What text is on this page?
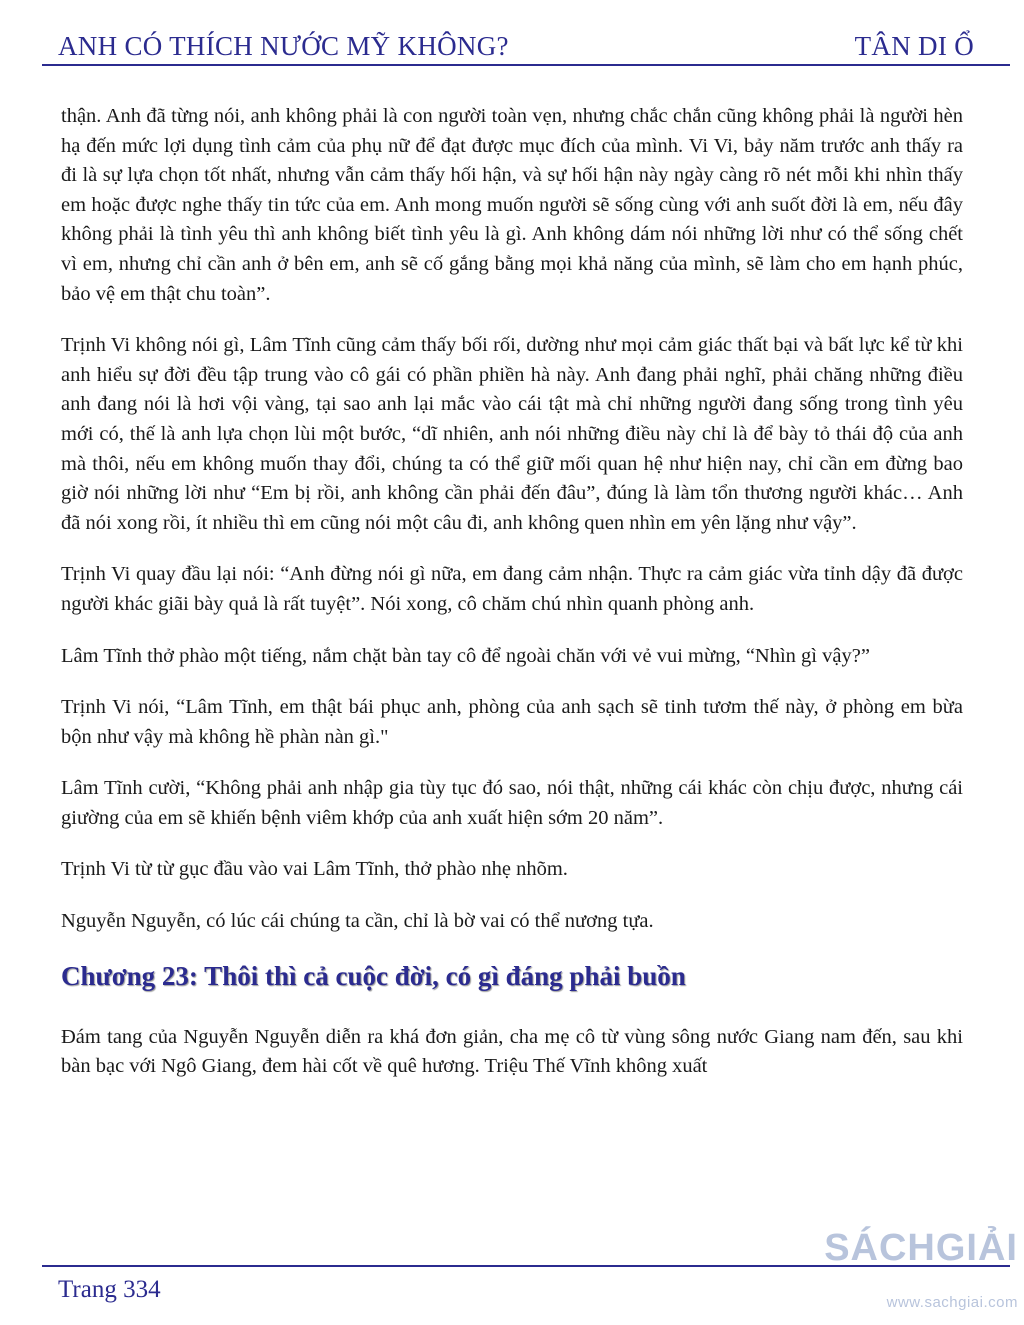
ANH CÓ THÍCH NƯỚC MỸ KHÔNG?	TÂN DI Ổ

thận. Anh đã từng nói, anh không phải là con người toàn vẹn, nhưng chắc chắn cũng không phải là người hèn hạ đến mức lợi dụng tình cảm của phụ nữ để đạt được mục đích của mình. Vi Vi, bảy năm trước anh thấy ra đi là sự lựa chọn tốt nhất, nhưng vẫn cảm thấy hối hận, và sự hối hận này ngày càng rõ nét mỗi khi nhìn thấy em hoặc được nghe thấy tin tức của em. Anh mong muốn người sẽ sống cùng với anh suốt đời là em, nếu đây không phải là tình yêu thì anh không biết tình yêu là gì. Anh không dám nói những lời như có thể sống chết vì em, nhưng chỉ cần anh ở bên em, anh sẽ cố gắng bằng mọi khả năng của mình, sẽ làm cho em hạnh phúc, bảo vệ em thật chu toàn”.

Trịnh Vi không nói gì, Lâm Tĩnh cũng cảm thấy bối rối, dường như mọi cảm giác thất bại và bất lực kể từ khi anh hiểu sự đời đều tập trung vào cô gái có phần phiền hà này. Anh đang phải nghĩ, phải chăng những điều anh đang nói là hơi vội vàng, tại sao anh lại mắc vào cái tật mà chỉ những người đang sống trong tình yêu mới có, thế là anh lựa chọn lùi một bước, “dĩ nhiên, anh nói những điều này chỉ là để bày tỏ thái độ của anh mà thôi, nếu em không muốn thay đổi, chúng ta có thể giữ mối quan hệ như hiện nay, chỉ cần em đừng bao giờ nói những lời như “Em bị rồi, anh không cần phải đến đâu”, đúng là làm tổn thương người khác… Anh đã nói xong rồi, ít nhiều thì em cũng nói một câu đi, anh không quen nhìn em yên lặng như vậy”.

Trịnh Vi quay đầu lại nói: “Anh đừng nói gì nữa, em đang cảm nhận. Thực ra cảm giác vừa tỉnh dậy đã được người khác giãi bày quả là rất tuyệt”. Nói xong, cô chăm chú nhìn quanh phòng anh.

Lâm Tĩnh thở phào một tiếng, nắm chặt bàn tay cô để ngoài chăn với vẻ vui mừng, “Nhìn gì vậy?”

Trịnh Vi nói, “Lâm Tĩnh, em thật bái phục anh, phòng của anh sạch sẽ tinh tươm thế này, ở phòng em bừa bộn như vậy mà không hề phàn nàn gì."

Lâm Tĩnh cười, “Không phải anh nhập gia tùy tục đó sao, nói thật, những cái khác còn chịu được, nhưng cái giường của em sẽ khiến bệnh viêm khớp của anh xuất hiện sớm 20 năm”.

Trịnh Vi từ từ gục đầu vào vai Lâm Tĩnh, thở phào nhẹ nhõm.

Nguyễn Nguyễn, có lúc cái chúng ta cần, chỉ là bờ vai có thể nương tựa.

Chương 23: Thôi thì cả cuộc đời, có gì đáng phải buồn

Đám tang của Nguyễn Nguyễn diễn ra khá đơn giản, cha mẹ cô từ vùng sông nước Giang nam đến, sau khi bàn bạc với Ngô Giang, đem hài cốt về quê hương. Triệu Thế Vĩnh không xuất

Trang 334
SÁCHGIẢI
www.sachgiai.com
